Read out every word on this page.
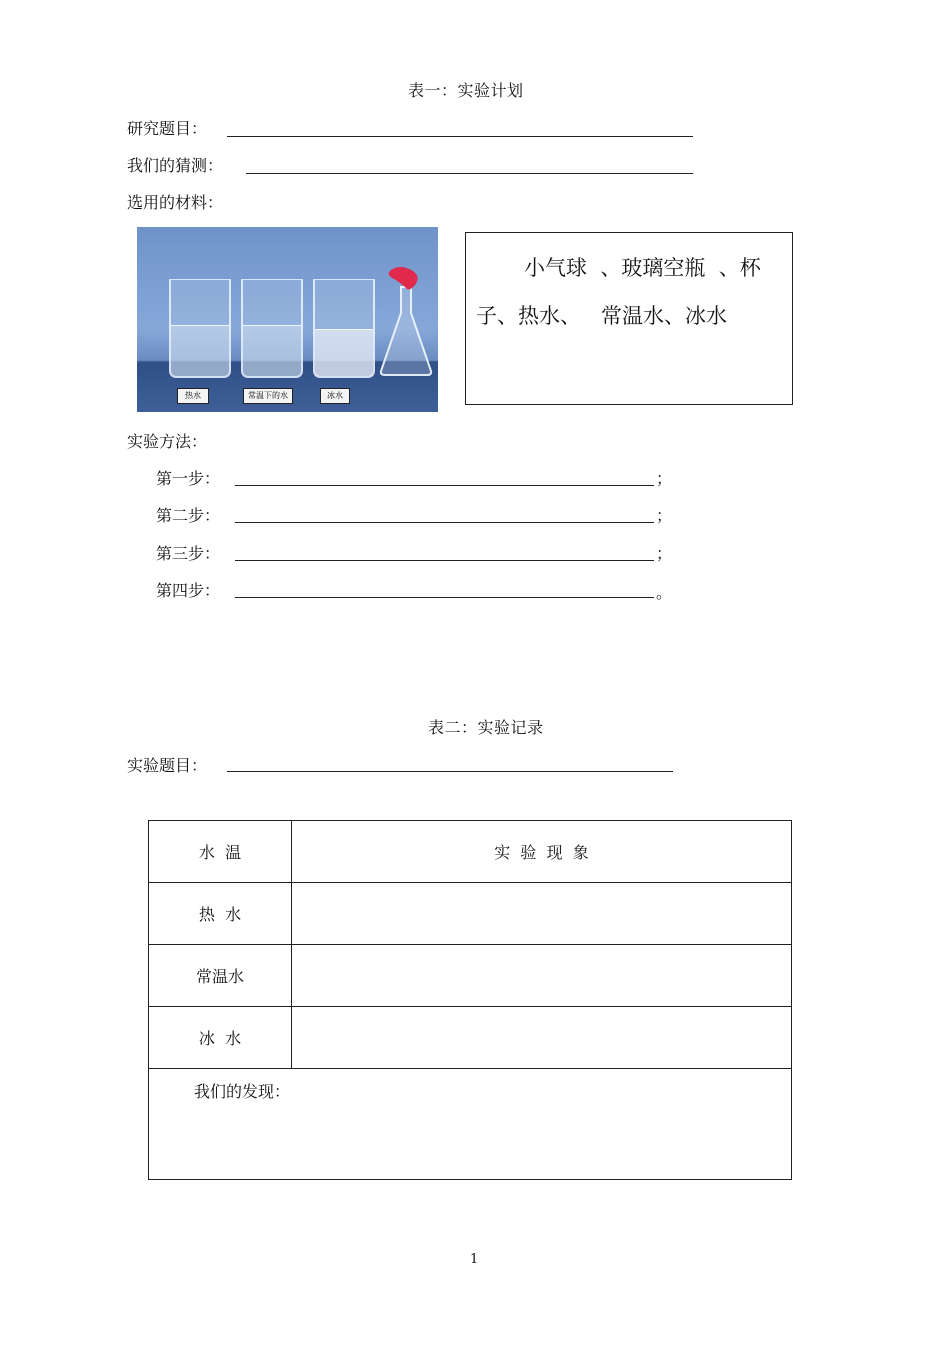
表一：实验计划
研究题目：
我们的猜测：
选用的材料：
热水	常温下的水	冰水
小气球  、玻璃空瓶  、杯
子、热水、   常温水、冰水
实验方法：
第一步：	；
第二步：	；
第三步：	；
第四步：	。
表二：实验记录
实验题目：
水  温	实  验  现  象
热  水	
常温水	
冰  水	

我们的发现：	
1
